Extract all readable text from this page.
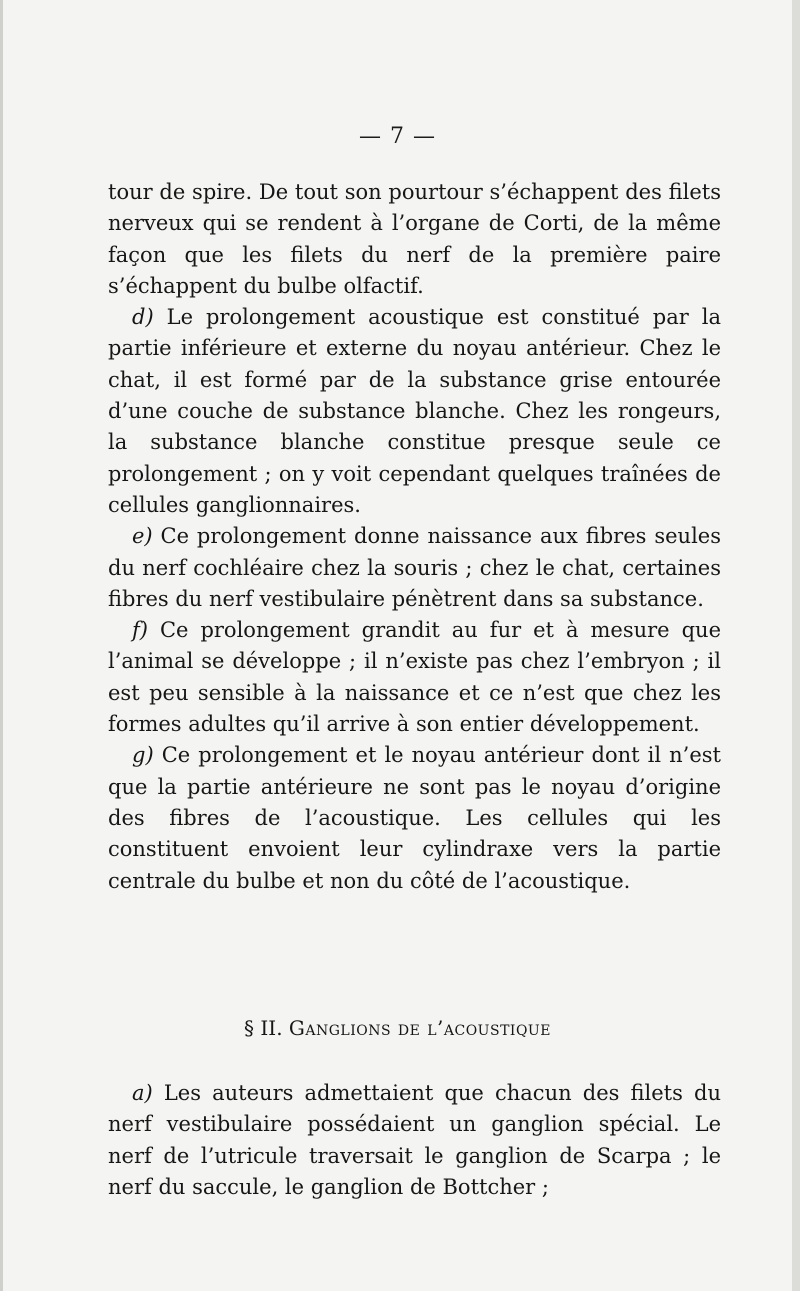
— 7 —

tour de spire. De tout son pourtour s’échappent des filets nerveux qui se rendent à l’organe de Corti, de la même façon que les filets du nerf de la première paire s’échappent du bulbe olfactif.

d) Le prolongement acoustique est constitué par la partie inférieure et externe du noyau antérieur. Chez le chat, il est formé par de la substance grise entourée d’une couche de substance blanche. Chez les rongeurs, la substance blanche constitue presque seule ce prolongement ; on y voit cependant quelques traînées de cellules ganglionnaires.

e) Ce prolongement donne naissance aux fibres seules du nerf cochléaire chez la souris ; chez le chat, certaines fibres du nerf vestibulaire pénètrent dans sa substance.

f) Ce prolongement grandit au fur et à mesure que l’animal se développe ; il n’existe pas chez l’embryon ; il est peu sensible à la naissance et ce n’est que chez les formes adultes qu’il arrive à son entier développement.

g) Ce prolongement et le noyau antérieur dont il n’est que la partie antérieure ne sont pas le noyau d’origine des fibres de l’acoustique. Les cellules qui les constituent envoient leur cylindraxe vers la partie centrale du bulbe et non du côté de l’acoustique.

§ II. Ganglions de l’acoustique

a) Les auteurs admettaient que chacun des filets du nerf vestibulaire possédaient un ganglion spécial. Le nerf de l’utricule traversait le ganglion de Scarpa ; le nerf du saccule, le ganglion de Bottcher ;
